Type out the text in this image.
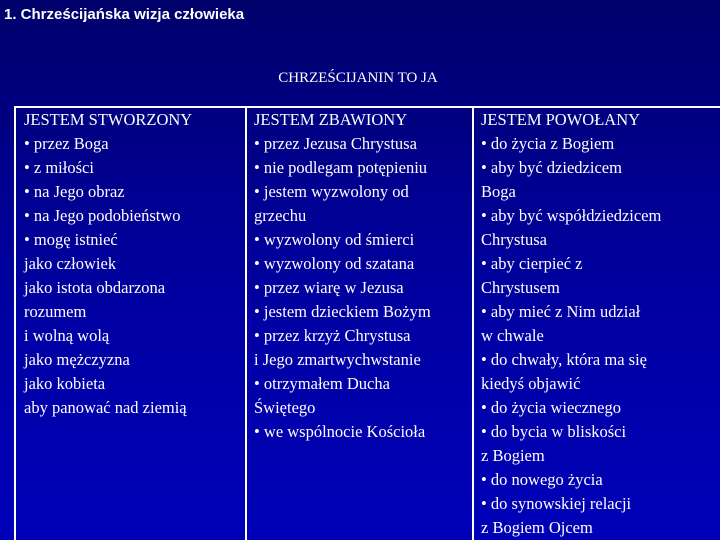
1. Chrześcijańska wizja człowieka
CHRZEŚCIJANIN TO JA
JESTEM STWORZONY
• przez Boga
• z miłości
• na Jego obraz
• na Jego podobieństwo
• mogę istnieć
jako człowiek
jako istota obdarzona
rozumem
i wolną wolą
jako mężczyzna
jako kobieta
aby panować nad ziemią
JESTEM ZBAWIONY
• przez Jezusa Chrystusa
• nie podlegam potępieniu
• jestem wyzwolony od
grzechu
• wyzwolony od śmierci
• wyzwolony od szatana
• przez wiarę w Jezusa
• jestem dzieckiem Bożym
• przez krzyż Chrystusa
i Jego zmartwychwstanie
• otrzymałem Ducha
Świętego
• we wspólnocie Kościoła
JESTEM POWOŁANY
• do życia z Bogiem
• aby być dziedzicem
Boga
• aby być współdziedzicem
Chrystusa
• aby cierpieć z
Chrystusem
• aby mieć z Nim udział
w chwale
• do chwały, która ma się
kiedyś objawić
• do życia wiecznego
• do bycia w bliskości
z Bogiem
• do nowego życia
• do synowskiej relacji
z Bogiem Ojcem
